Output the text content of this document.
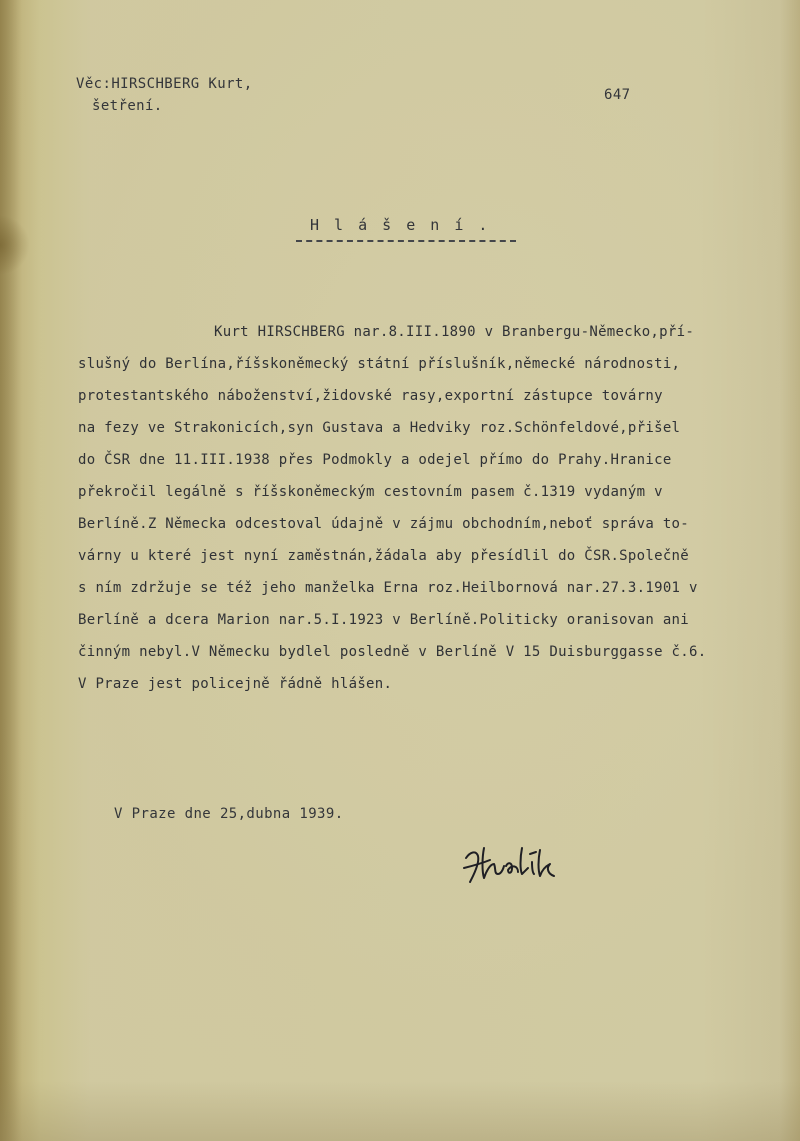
Věc:HIRSCHBERG Kurt,
šetření.
647
H l á š e n í .
Kurt HIRSCHBERG nar.8.III.1890 v Branbergu-Německo,pří-
slušný do Berlína,říšskoněmecký státní příslušník,německé národnosti,
protestantského náboženství,židovské rasy,exportní zástupce továrny
na fezy ve Strakonicích,syn Gustava a Hedviky roz.Schönfeldové,přišel
do ČSR dne 11.III.1938 přes Podmokly a odejel přímo do Prahy.Hranice
překročil legálně s říšskoněmeckým cestovním pasem č.1319 vydaným v
Berlíně.Z Německa odcestoval údajně v zájmu obchodním,neboť správa to-
várny u které jest nyní zaměstnán,žádala aby přesídlil do ČSR.Společně
s ním zdržuje se též jeho manželka Erna roz.Heilbornová nar.27.3.1901 v
Berlíně a dcera Marion nar.5.I.1923 v Berlíně.Politicky oranisovan ani
činným nebyl.V Německu bydlel posledně v Berlíně V 15 Duisburggasse č.6.
V Praze jest policejně řádně hlášen.
V Praze dne 25,dubna 1939.
